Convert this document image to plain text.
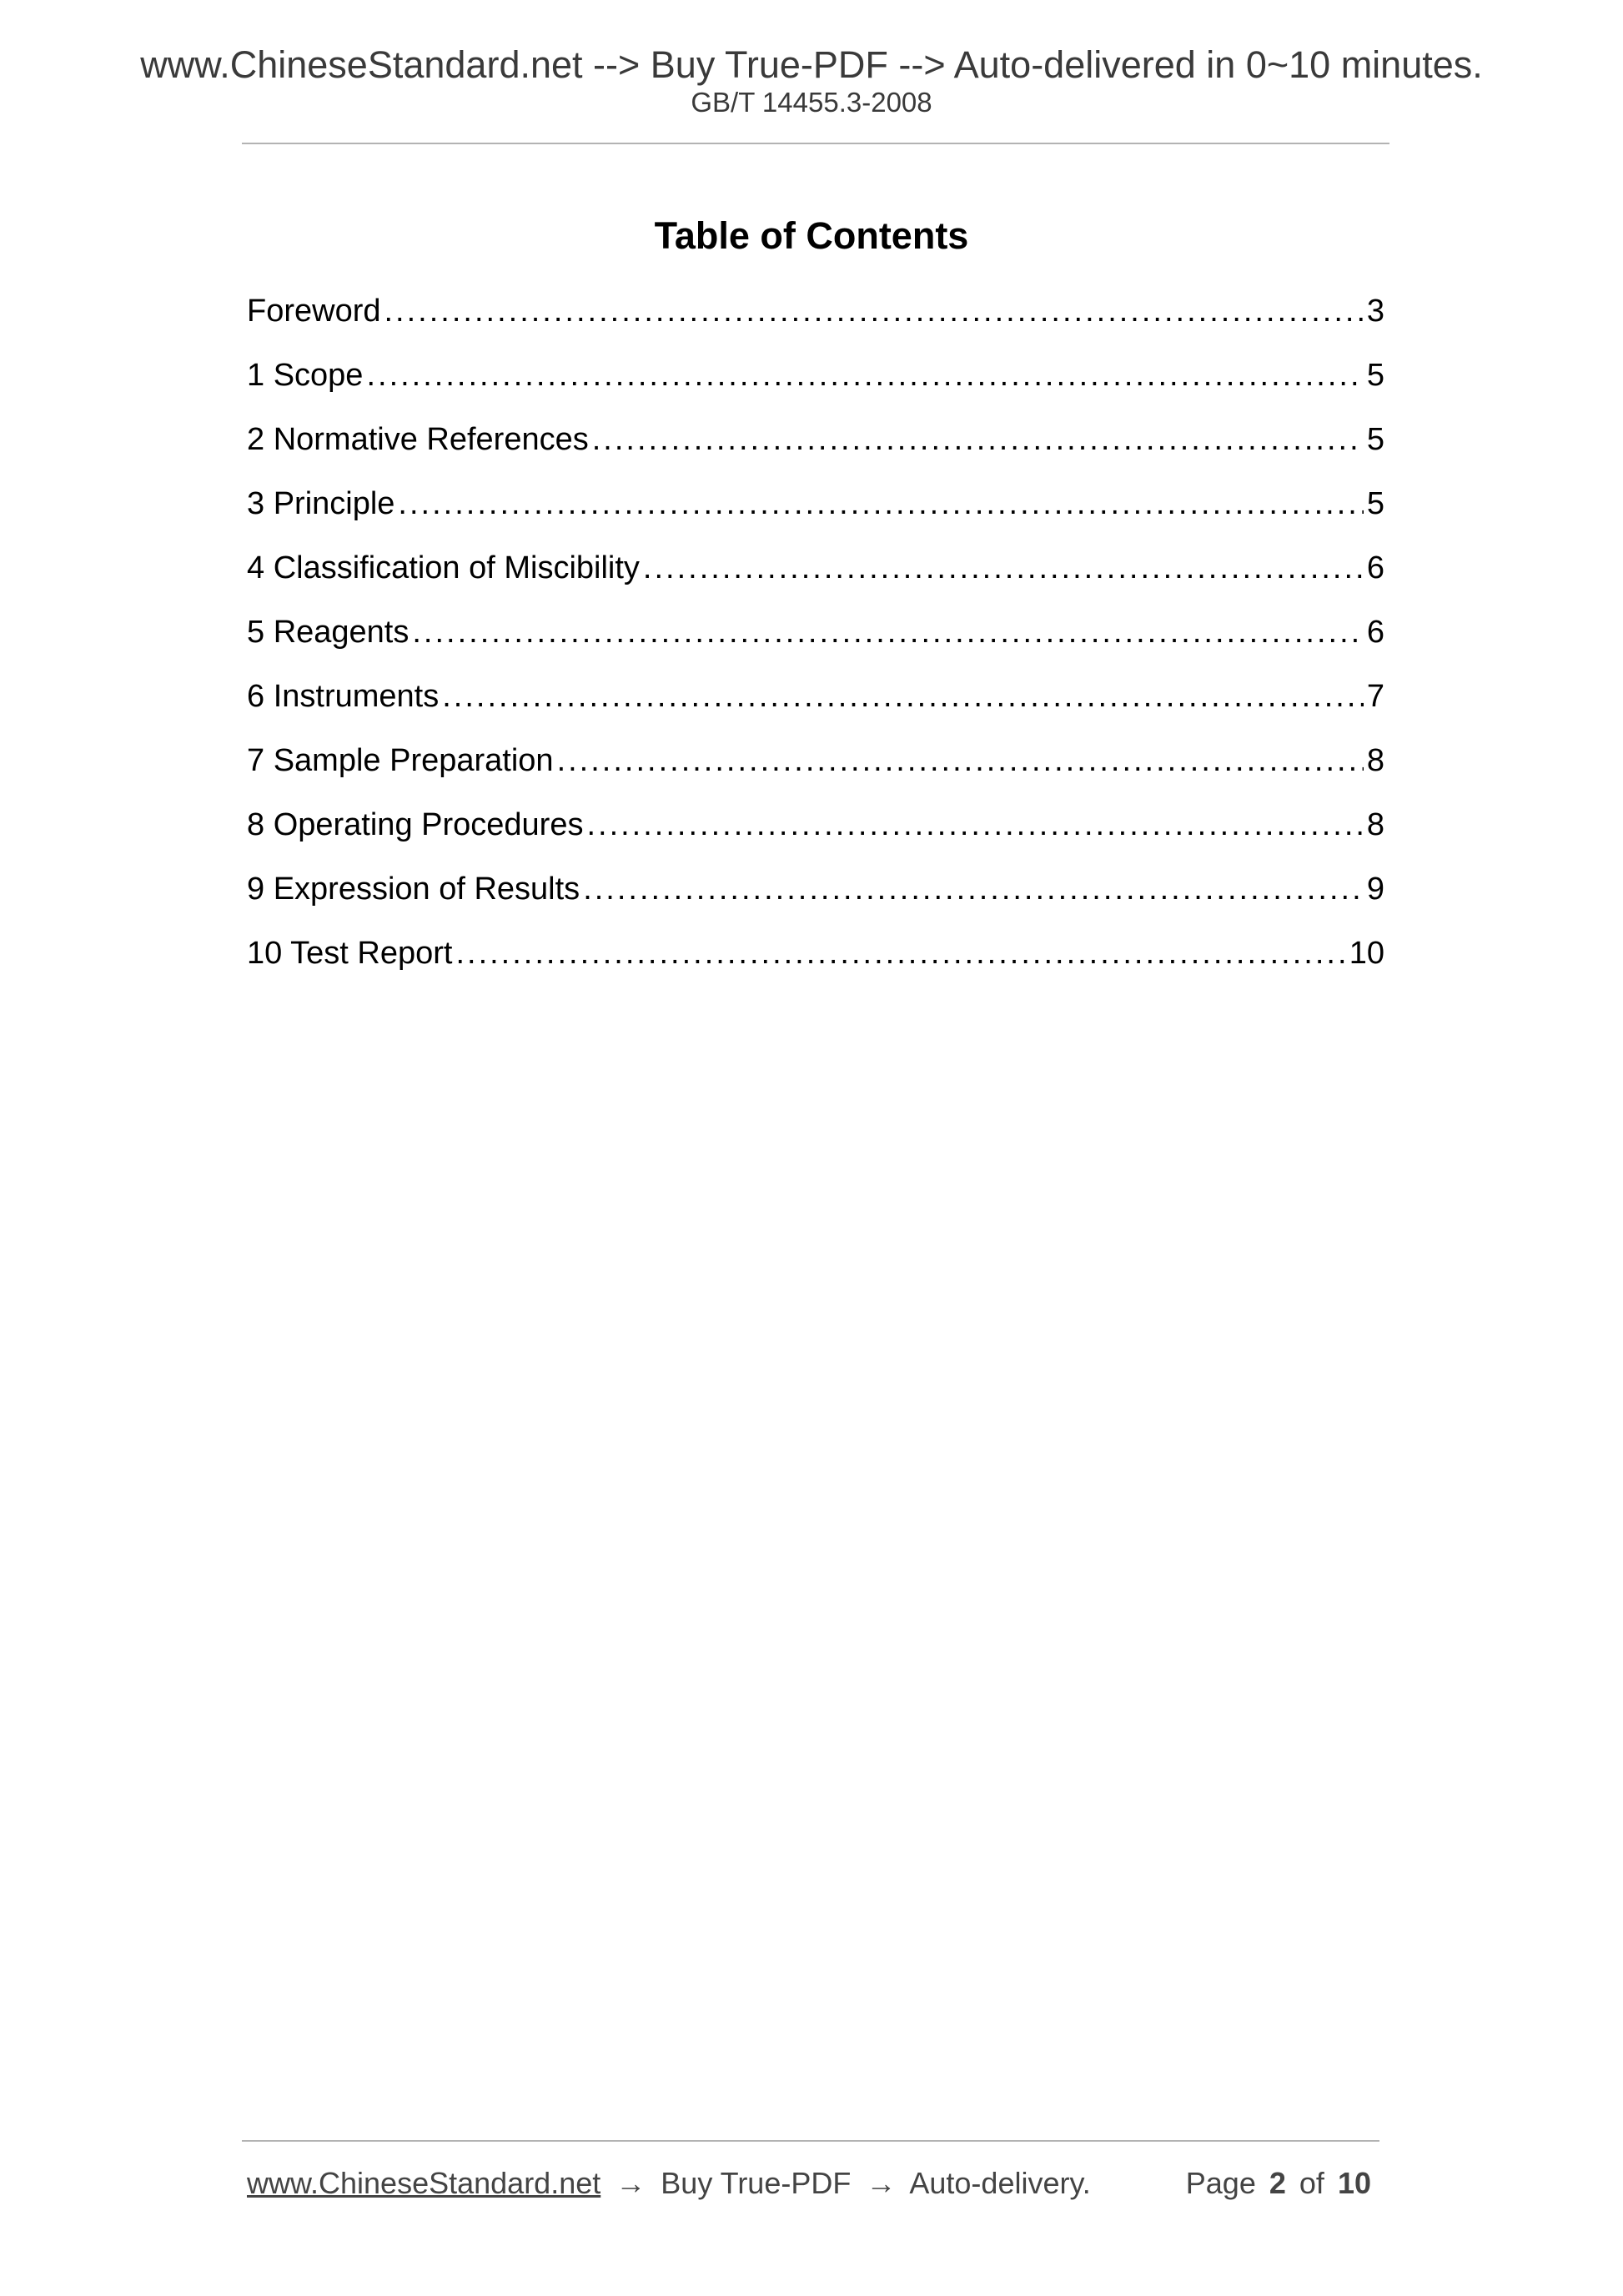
www.ChineseStandard.net --> Buy True-PDF --> Auto-delivered in 0~10 minutes.
GB/T 14455.3-2008
Table of Contents
Foreword .....	3
1 Scope .....	5
2 Normative References .....	5
3 Principle .....	5
4 Classification of Miscibility .....	6
5 Reagents .....	6
6 Instruments .....	7
7 Sample Preparation .....	8
8 Operating Procedures .....	8
9 Expression of Results .....	9
10 Test Report .....	10
www.ChineseStandard.net → Buy True-PDF → Auto-delivery.	Page 2 of 10
